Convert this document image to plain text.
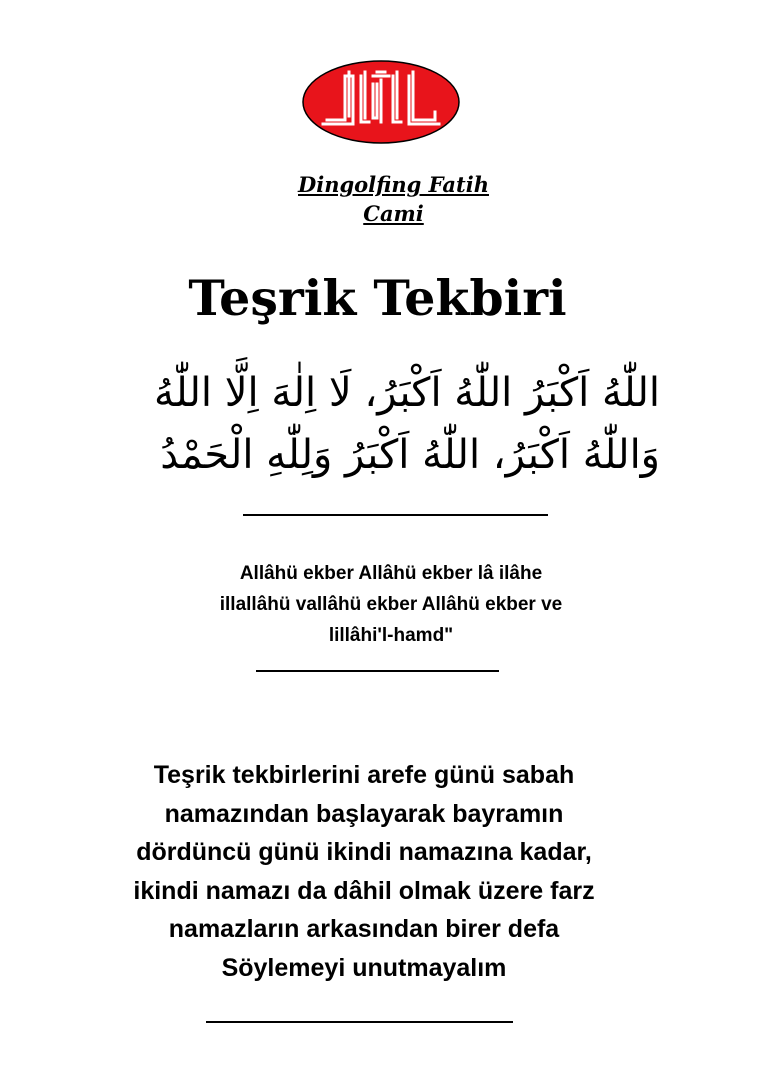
Dingolfing Fatih
Cami
Teşrik Tekbiri
اللّٰهُ اَكْبَرُ اللّٰهُ اَكْبَرُ، لَا اِلٰهَ اِلَّا اللّٰهُ
وَاللّٰهُ اَكْبَرُ، اللّٰهُ اَكْبَرُ وَلِلّٰهِ الْحَمْدُ
Allâhü ekber Allâhü ekber lâ ilâhe
illallâhü vallâhü ekber Allâhü ekber ve
lillâhi'l-hamd"
Teşrik tekbirlerini arefe günü sabah
namazından başlayarak bayramın
dördüncü günü ikindi namazına kadar,
ikindi namazı da dâhil olmak üzere farz
namazların arkasından birer defa
Söylemeyi unutmayalım
